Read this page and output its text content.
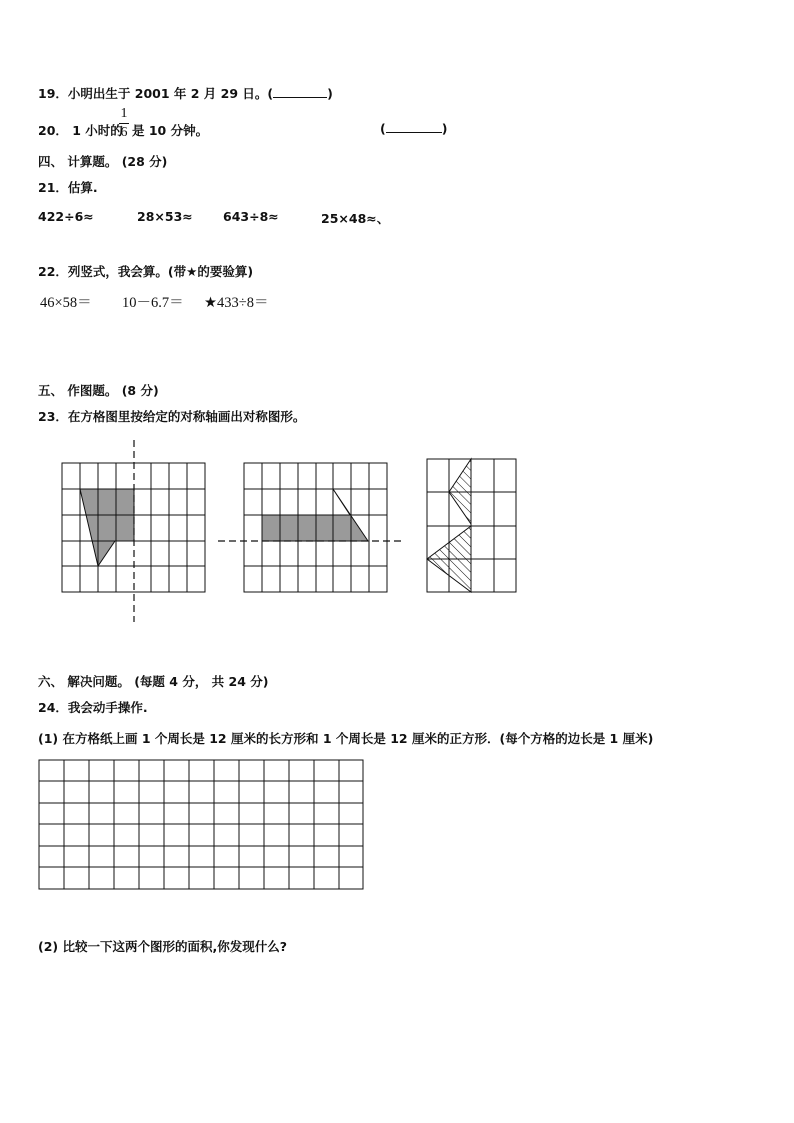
19．小明出生于 2001 年 2 月 29 日。(	)
20． 1 小时的
1
6 是 10 分钟。	(	)
四、 计算题。 (28 分)
21．估算.
422÷6≈	28×53≈ 643÷8≈	25×48≈、
22．列竖式，我会算。(带★的要验算)
46×58＝ 10－6.7＝ ★433÷8＝
五、 作图题。 (8 分)
23．在方格图里按给定的对称轴画出对称图形。
六、 解决问题。 (每题 4 分， 共 24 分)
24．我会动手操作.
(1) 在方格纸上画 1 个周长是 12 厘米的长方形和 1 个周长是 12 厘米的正方形．(每个方格的边长是 1 厘米)
(2) 比较一下这两个图形的面积,你发现什么?
